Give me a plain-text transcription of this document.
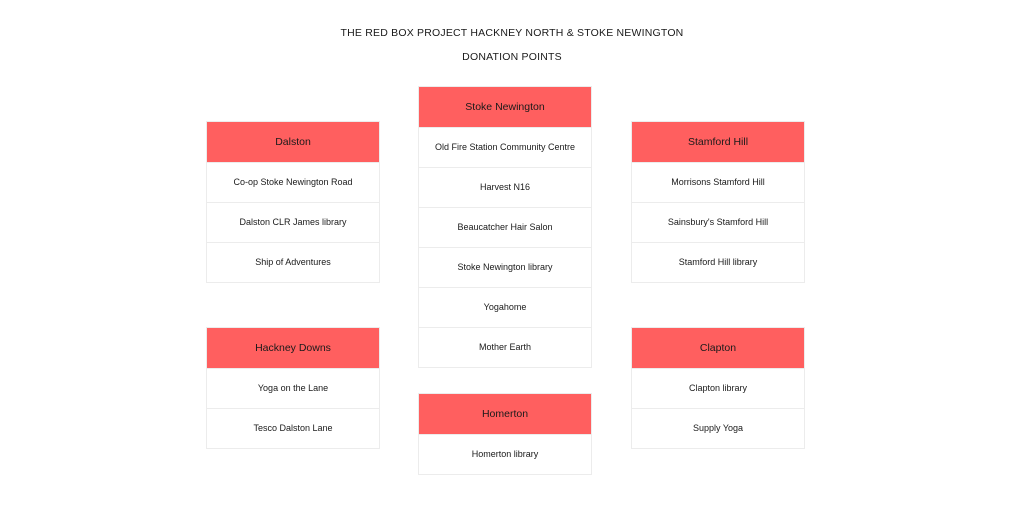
THE RED BOX PROJECT HACKNEY NORTH & STOKE NEWINGTON
DONATION POINTS
Dalston
Co-op Stoke Newington Road
Dalston CLR James library
Ship of Adventures
Stoke Newington
Old Fire Station Community Centre
Harvest N16
Beaucatcher Hair Salon
Stoke Newington library
Yogahome
Mother Earth
Stamford Hill
Morrisons Stamford Hill
Sainsbury's Stamford Hill
Stamford Hill library
Hackney Downs
Yoga on the Lane
Tesco Dalston Lane
Homerton
Homerton library
Clapton
Clapton library
Supply Yoga
